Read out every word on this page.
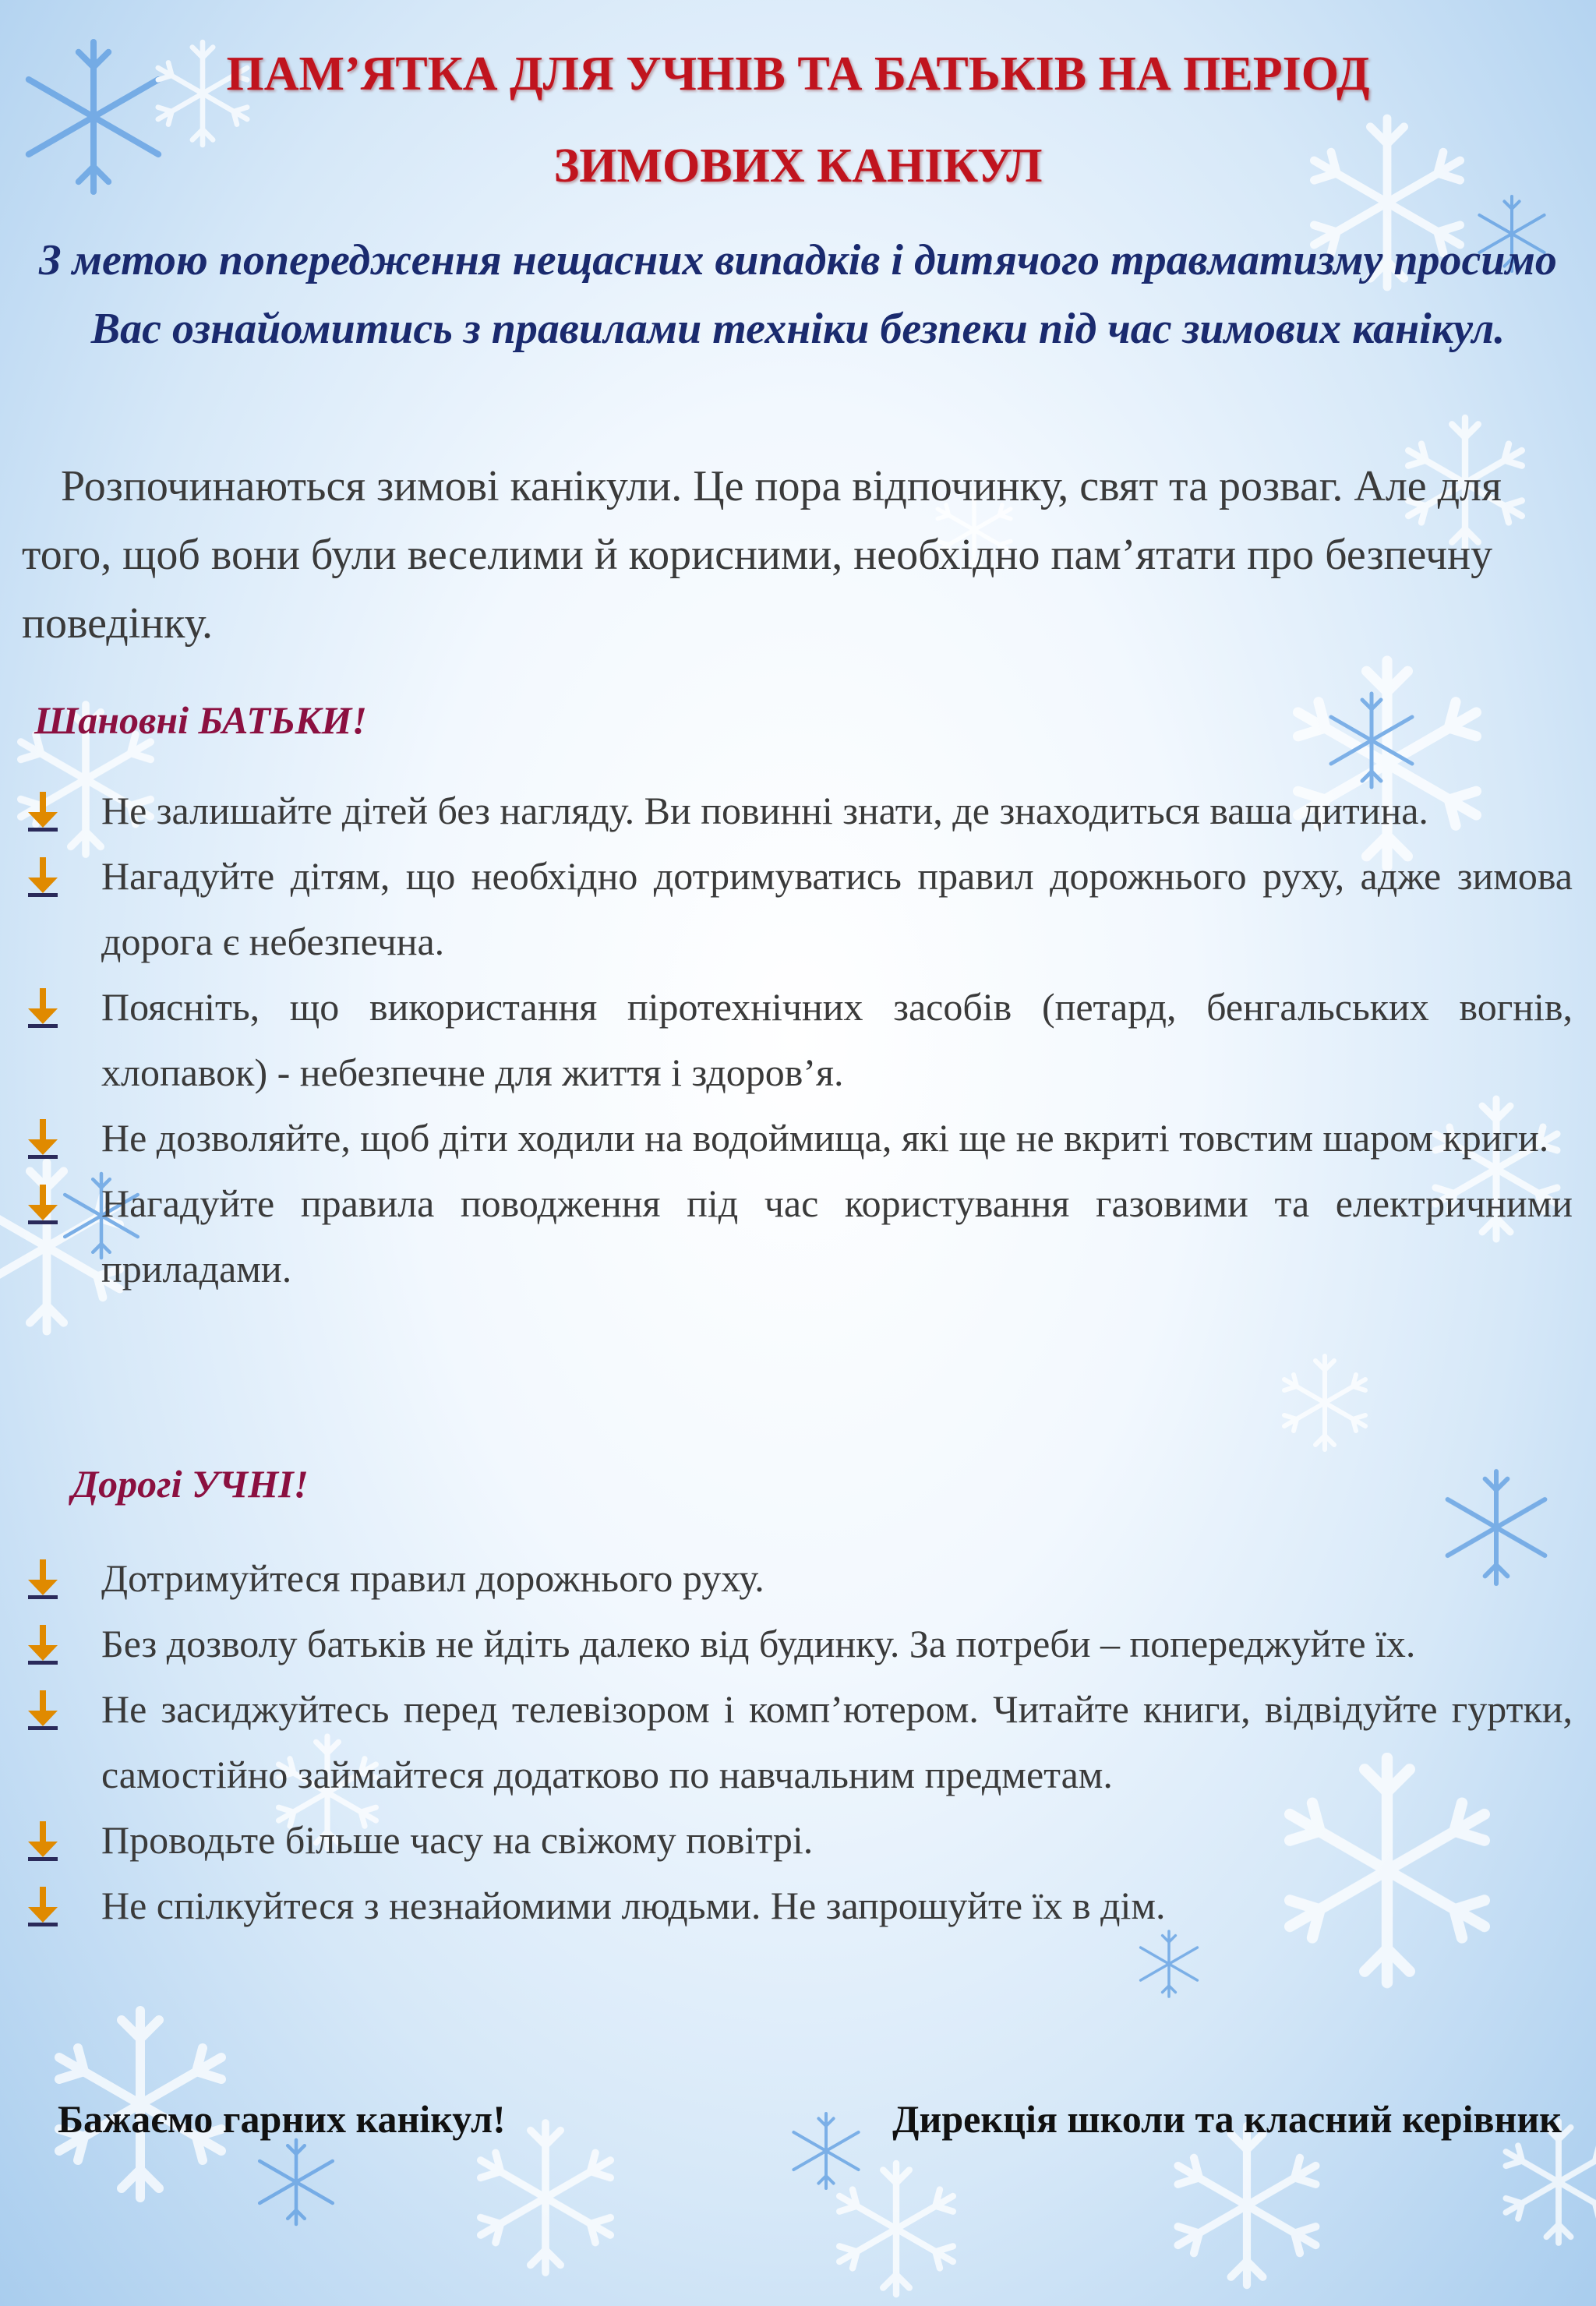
ПАМ’ЯТКА ДЛЯ УЧНІВ ТА БАТЬКІВ НА ПЕРІОД
ЗИМОВИХ КАНІКУЛ

З метою попередження нещасних випадків і дитячого травматизму просимо Вас ознайомитись з правилами техніки безпеки під час зимових канікул.

Розпочинаються зимові канікули. Це пора відпочинку, свят та розваг. Але для того, щоб вони були веселими й корисними, необхідно пам’ятати про безпечну поведінку.

Шановні БАТЬКИ!
Не залишайте дітей без нагляду. Ви повинні знати, де знаходиться ваша дитина.
Нагадуйте дітям, що необхідно дотримуватись правил дорожнього руху, адже зимова дорога є небезпечна.
Поясніть, що використання піротехнічних засобів (петард, бенгальських вогнів, хлопавок) - небезпечне для життя і здоров’я.
Не дозволяйте, щоб діти ходили на водоймища, які ще не вкриті товстим шаром криги.
Нагадуйте правила поводження під час користування газовими та електричними приладами.
Дорогі УЧНІ!
Дотримуйтеся правил дорожнього руху.
Без дозволу батьків не йдіть далеко від будинку. За потреби – попереджуйте їх.
Не засиджуйтесь перед телевізором і комп’ютером. Читайте книги, відвідуйте гуртки, самостійно займайтеся додатково по навчальним предметам.
Проводьте більше часу на свіжому повітрі.
Не спілкуйтеся з незнайомими людьми. Не запрошуйте їх в дім.

Бажаємо гарних канікул!	Дирекція школи та класний керівник
